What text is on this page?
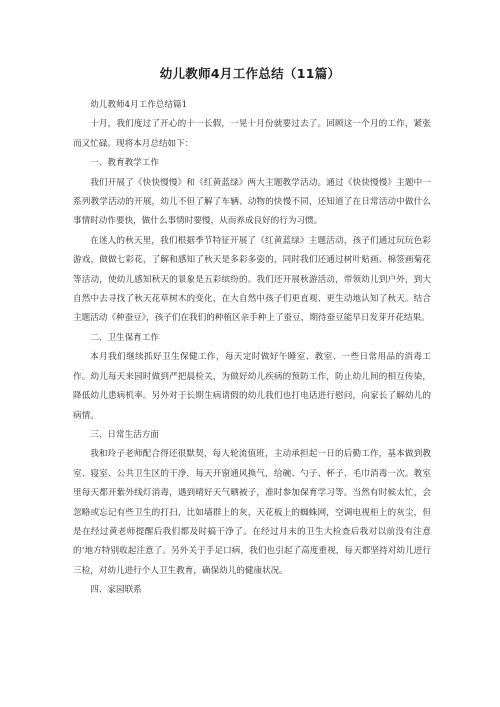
幼儿教师4月工作总结（11篇）

幼儿教师4月工作总结篇1

十月，我们度过了开心的十一长假，一晃十月份就要过去了。回顾这一个月的工作，紧张而又忙碌。现将本月总结如下：

一、教育教学工作

我们开展了《快快慢慢》和《红黄蓝绿》两大主题教学活动。通过《快快慢慢》主题中一系列教学活动的开展，幼儿不但了解了车辆、动物的快慢不同，还知道了在日常活动中做什么事情时动作要快，做什么事情时要慢，从而养成良好的行为习惯。

在迷人的秋天里，我们根据季节特征开展了《红黄蓝绿》主题活动，孩子们通过玩玩色彩游戏，做做七彩花，了解和感知了秋天是多彩多姿的，同时我们还通过树叶贴画、棉签画菊花等活动，使幼儿感知秋天的景象是五彩缤纷的。我们还开展秋游活动，带领幼儿到户外，到大自然中去寻找了秋天花草树木的变化，在大自然中孩子们更直观、更生动地认知了秋天。结合主题活动《种蚕豆》，孩子们在我们的种植区亲手种上了蚕豆，期待蚕豆能早日发芽开花结果。

二、卫生保育工作

本月我们继续抓好卫生保健工作，每天定时做好午睡室、教室、一些日常用品的消毒工作。幼儿每天来园时做到严把晨检关，为做好幼儿疾病的预防工作，防止幼儿间的相互传染，降低幼儿患病机率。另外对于长期生病请假的幼儿我们也打电话进行慰问，向家长了解幼儿的病情。

三、日常生活方面

我和玲子老师配合得还很默契，每人轮流值班，主动承担起一日的后勤工作，基本做到教室、寝室、公共卫生区的干净，每天开窗通风换气，给碗、勺子、杯子、毛巾消毒一次。教室里每天都开紫外线灯消毒，遇到晴好天气晒被子，准时参加保育学习等。当然有时候太忙，会忽略或忘记有些卫生的打扫，比如墙群上的灰，天花板上的蜘蛛网，空调电视柜上的灰尘，但是在经过黄老师提醒后我们都及时搞干净了。在经过月末的卫生大检查后我对以前没有注意的‘地方特别收起注意了。另外关于手足口病，我们也引起了高度重视，每天都坚持对幼儿进行三检，对幼儿进行个人卫生教育，确保幼儿的健康状况。

四、家园联系
